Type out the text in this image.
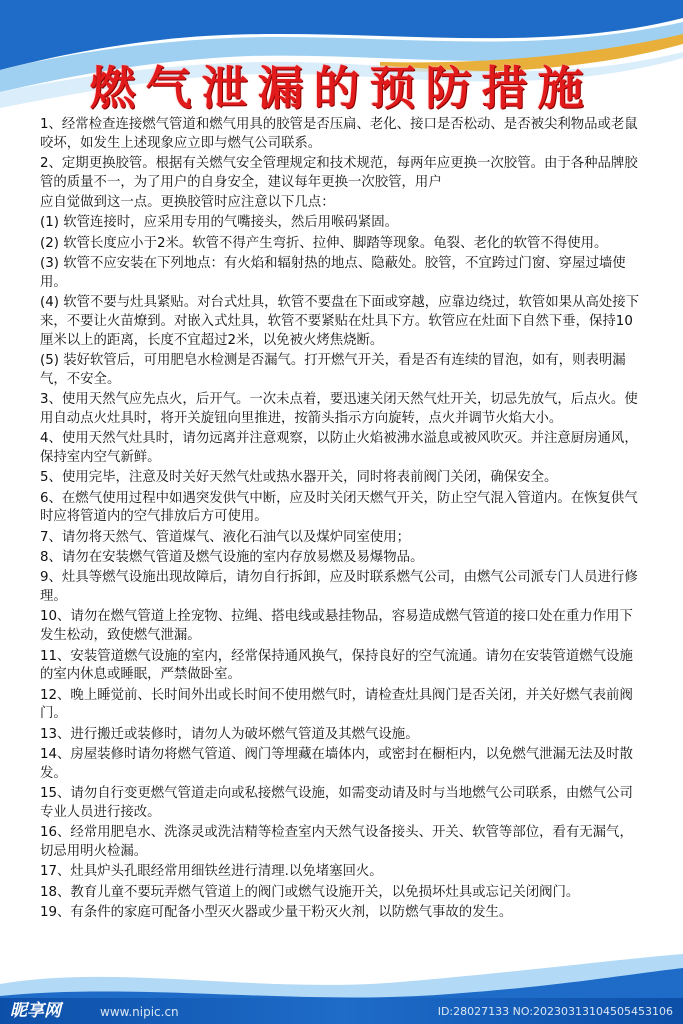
燃气泄漏的预防措施

1、经常检查连接燃气管道和燃气用具的胶管是否压扁、老化、接口是否松动、是否被尖利物品或老鼠咬坏，如发生上述现象应立即与燃气公司联系。

2、定期更换胶管。根据有关燃气安全管理规定和技术规范，每两年应更换一次胶管。由于各种品牌胶管的质量不一，为了用户的自身安全，建议每年更换一次胶管，用户

应自觉做到这一点。更换胶管时应注意以下几点：

(1) 软管连接时，应采用专用的气嘴接头，然后用喉码紧固。

(2) 软管长度应小于2米。软管不得产生弯折、拉伸、脚踏等现象。龟裂、老化的软管不得使用。

(3) 软管不应安装在下列地点：有火焰和辐射热的地点、隐蔽处。胶管，不宜跨过门窗、穿屋过墙使用。

(4) 软管不要与灶具紧贴。对台式灶具，软管不要盘在下面或穿越，应靠边绕过，软管如果从高处接下来，不要让火苗燎到。对嵌入式灶具，软管不要紧贴在灶具下方。软管应在灶面下自然下垂，保持10厘米以上的距离，长度不宜超过2米，以免被火烤焦烧断。

(5) 装好软管后，可用肥皂水检测是否漏气。打开燃气开关，看是否有连续的冒泡，如有，则表明漏气，不安全。

3、使用天然气应先点火，后开气。一次未点着，要迅速关闭天然气灶开关，切忌先放气，后点火。使用自动点火灶具时，将开关旋钮向里推进，按箭头指示方向旋转，点火并调节火焰大小。

4、使用天然气灶具时，请勿远离并注意观察，以防止火焰被沸水溢息或被风吹灭。并注意厨房通风，保持室内空气新鲜。

5、使用完毕，注意及时关好天然气灶或热水器开关，同时将表前阀门关闭，确保安全。

6、在燃气使用过程中如遇突发供气中断，应及时关闭天燃气开关，防止空气混入管道内。在恢复供气时应将管道内的空气排放后方可使用。

7、请勿将天然气、管道煤气、液化石油气以及煤炉同室使用；

8、请勿在安装燃气管道及燃气设施的室内存放易燃及易爆物品。

9、灶具等燃气设施出现故障后，请勿自行拆卸，应及时联系燃气公司，由燃气公司派专门人员进行修理。

10、请勿在燃气管道上拴宠物、拉绳、搭电线或悬挂物品，容易造成燃气管道的接口处在重力作用下发生松动，致使燃气泄漏。

11、安装管道燃气设施的室内，经常保持通风换气，保持良好的空气流通。请勿在安装管道燃气设施的室内休息或睡眠，严禁做卧室。

12、晚上睡觉前、长时间外出或长时间不使用燃气时，请检查灶具阀门是否关闭，并关好燃气表前阀门。

13、进行搬迁或装修时，请勿人为破坏燃气管道及其燃气设施。

14、房屋装修时请勿将燃气管道、阀门等埋藏在墙体内，或密封在橱柜内，以免燃气泄漏无法及时散发。

15、请勿自行变更燃气管道走向或私接燃气设施，如需变动请及时与当地燃气公司联系，由燃气公司专业人员进行接改。

16、经常用肥皂水、洗涤灵或洗洁精等检查室内天然气设备接头、开关、软管等部位，看有无漏气，切忌用明火检漏。

17、灶具炉头孔眼经常用细铁丝进行清理.以免堵塞回火。

18、教育儿童不要玩弄燃气管道上的阀门或燃气设施开关，以免损坏灶具或忘记关闭阀门。

19、有条件的家庭可配备小型灭火器或少量干粉灭火剂，以防燃气事故的发生。

昵享网	www.nipic.cn	ID:28027133 NO:20230313104505453106
